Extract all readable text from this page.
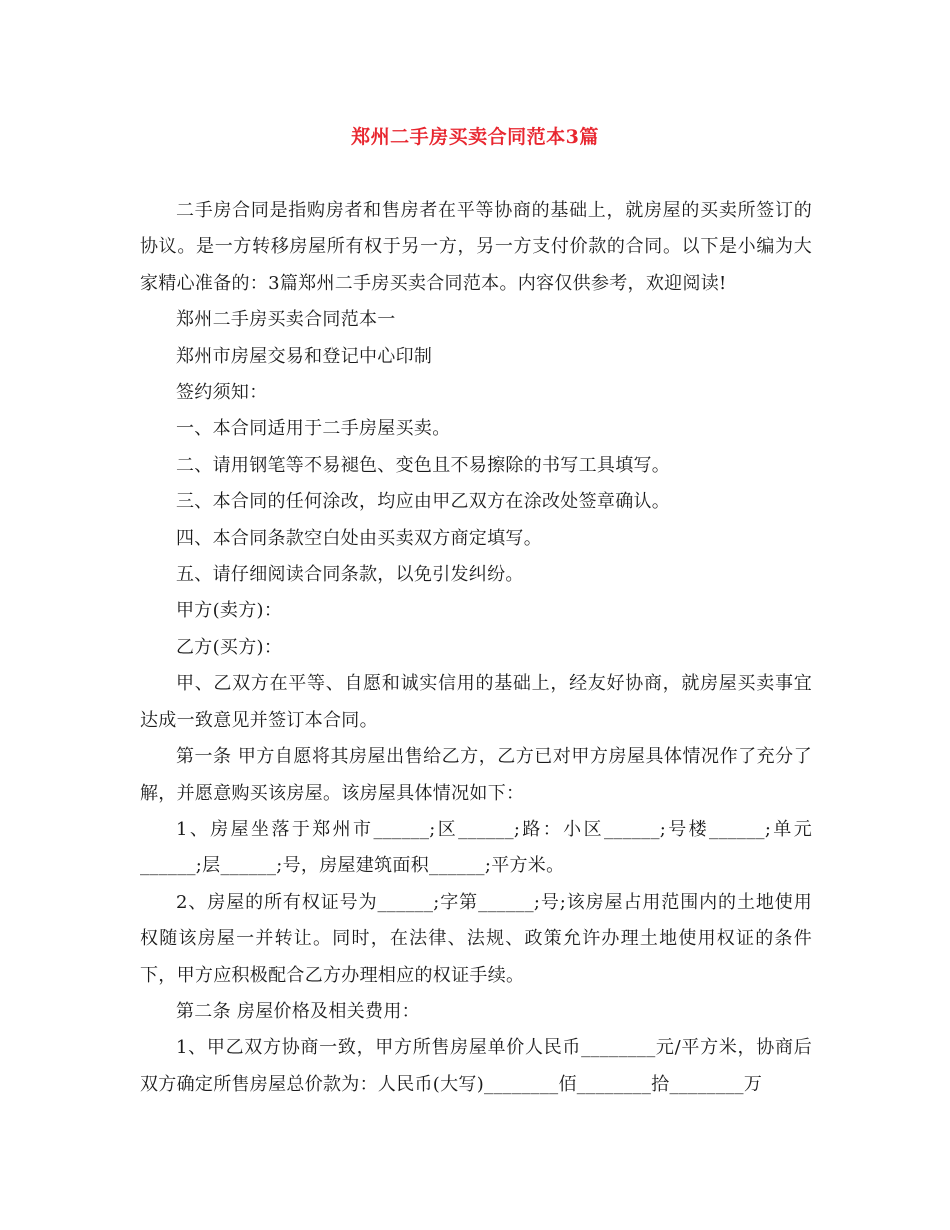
郑州二手房买卖合同范本3篇

二手房合同是指购房者和售房者在平等协商的基础上，就房屋的买卖所签订的协议。是一方转移房屋所有权于另一方，另一方支付价款的合同。以下是小编为大家精心准备的：3篇郑州二手房买卖合同范本。内容仅供参考，欢迎阅读!

郑州二手房买卖合同范本一

郑州市房屋交易和登记中心印制

签约须知：

一、本合同适用于二手房屋买卖。

二、请用钢笔等不易褪色、变色且不易擦除的书写工具填写。

三、本合同的任何涂改，均应由甲乙双方在涂改处签章确认。

四、本合同条款空白处由买卖双方商定填写。

五、请仔细阅读合同条款，以免引发纠纷。

甲方(卖方)：

乙方(买方)：

甲、乙双方在平等、自愿和诚实信用的基础上，经友好协商，就房屋买卖事宜达成一致意见并签订本合同。

第一条 甲方自愿将其房屋出售给乙方，乙方已对甲方房屋具体情况作了充分了解，并愿意购买该房屋。该房屋具体情况如下：

1、房屋坐落于郑州市______;区______;路：小区______;号楼______;单元______;层______;号，房屋建筑面积______;平方米。

2、房屋的所有权证号为______;字第______;号;该房屋占用范围内的土地使用权随该房屋一并转让。同时，在法律、法规、政策允许办理土地使用权证的条件下，甲方应积极配合乙方办理相应的权证手续。

第二条 房屋价格及相关费用：

1、甲乙双方协商一致，甲方所售房屋单价人民币________元/平方米，协商后双方确定所售房屋总价款为：人民币(大写)________佰________拾________万
